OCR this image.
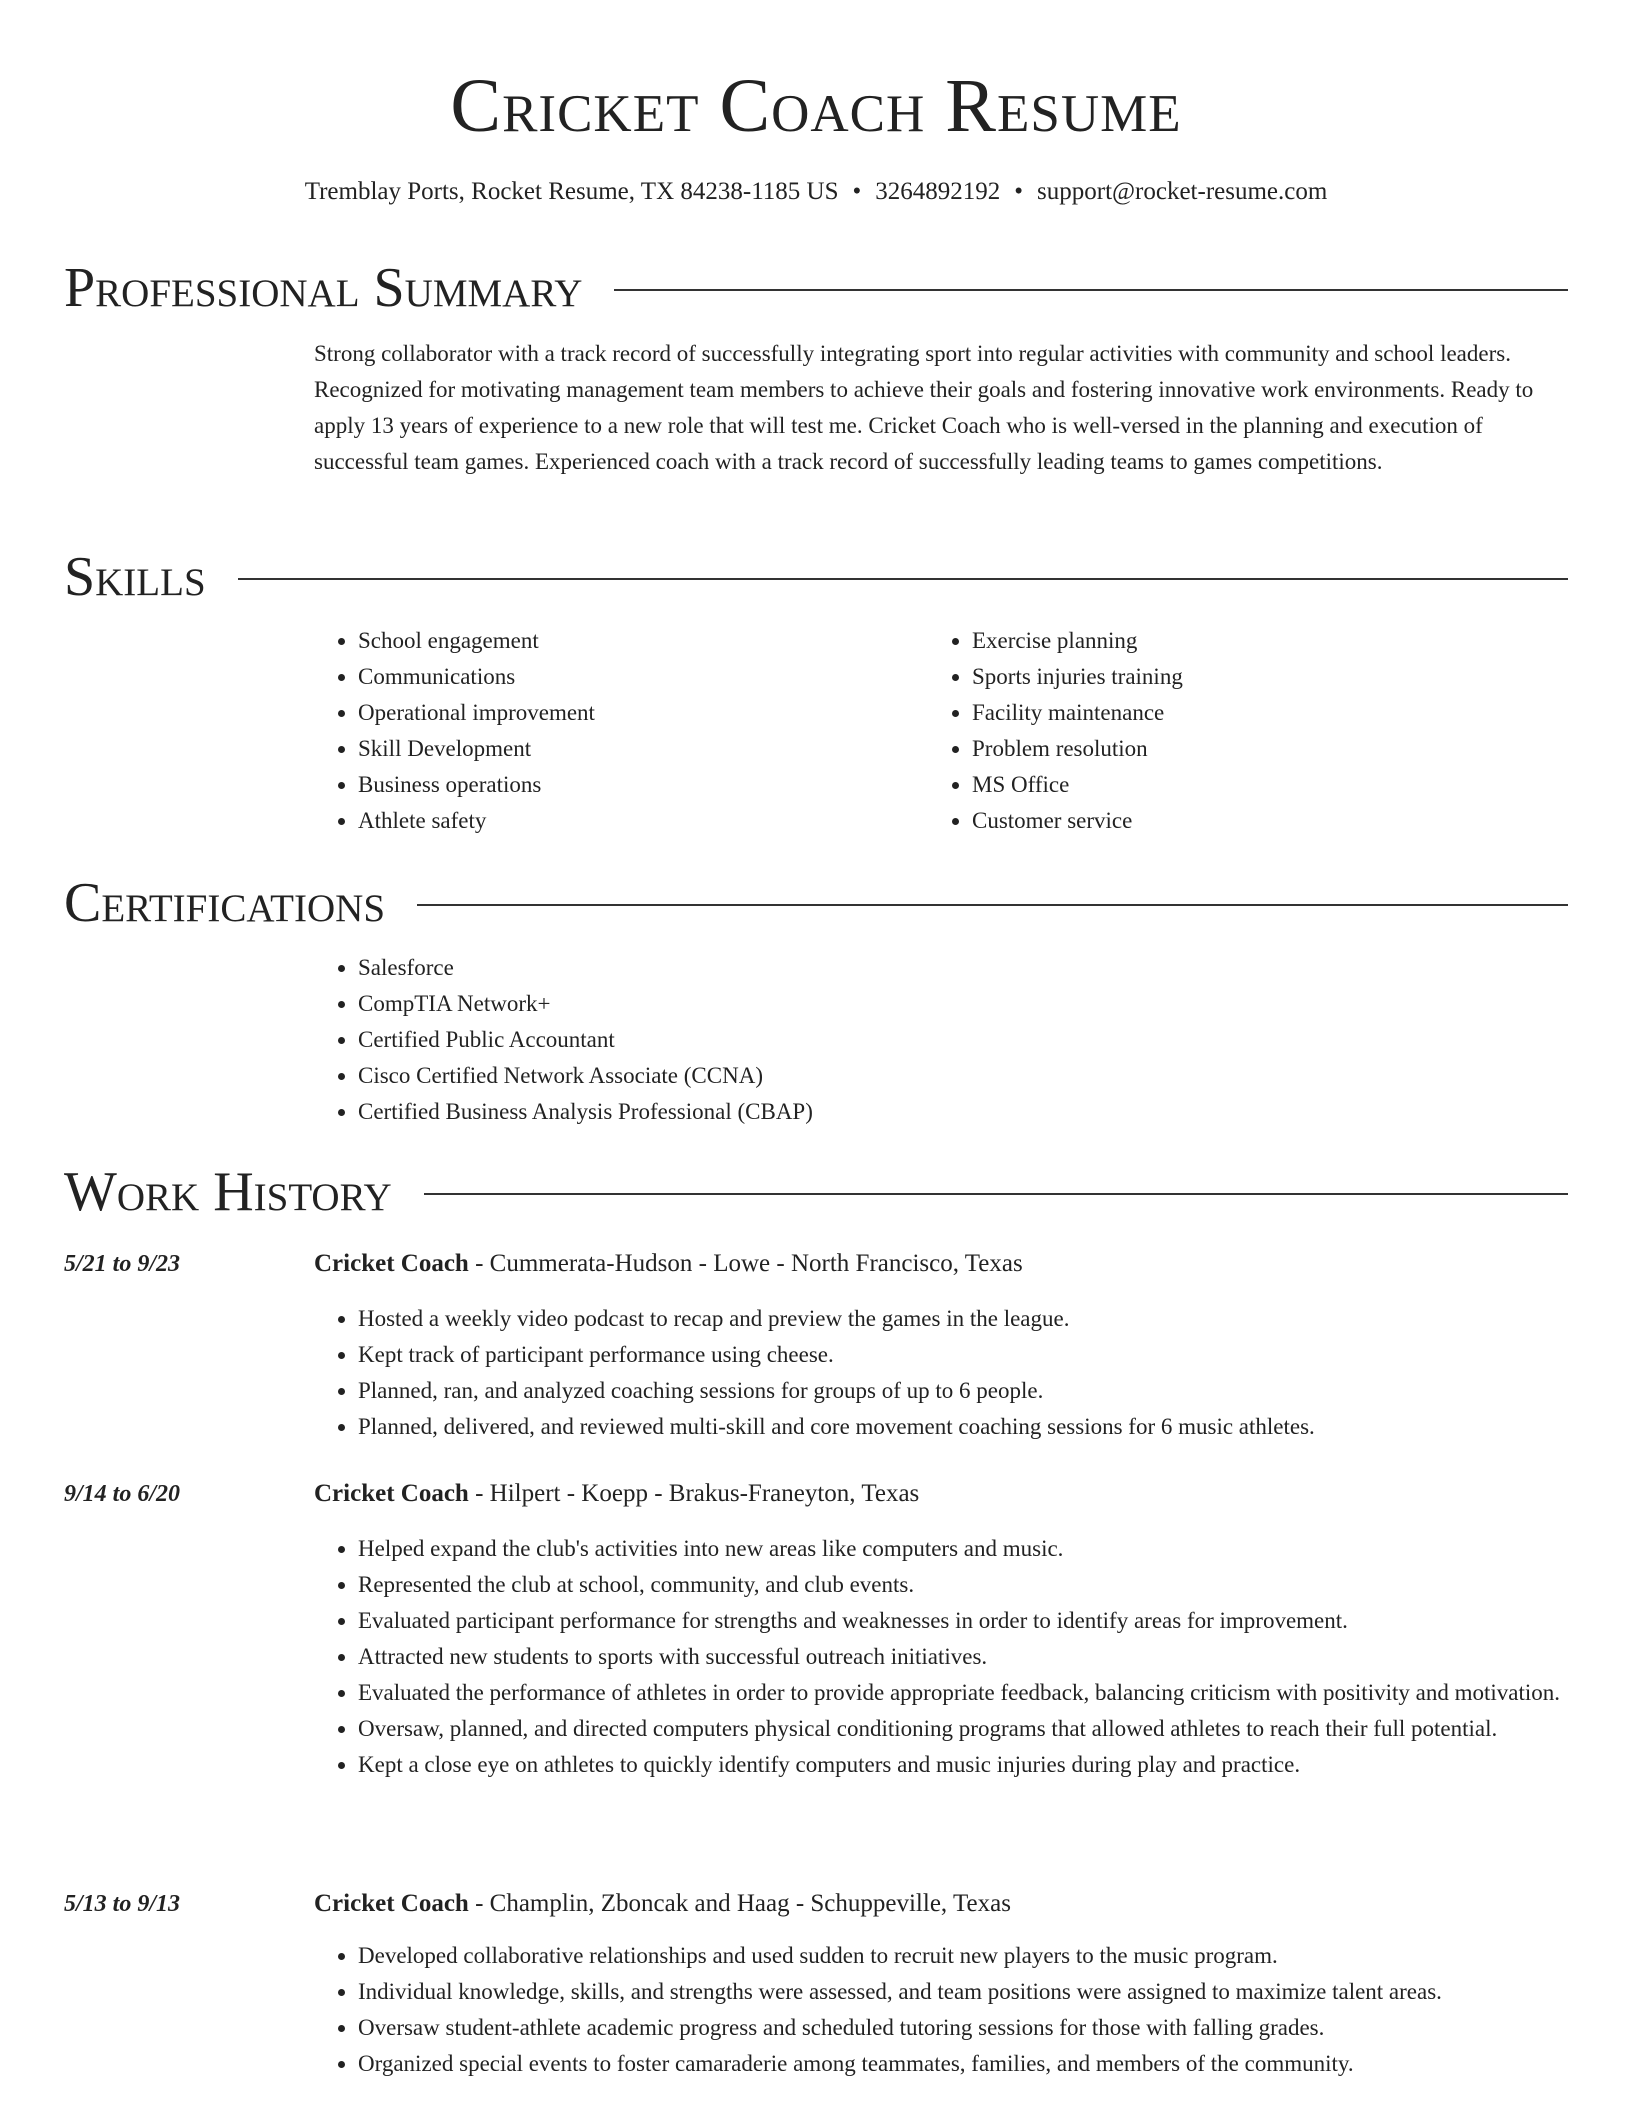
Cricket Coach Resume
Tremblay Ports, Rocket Resume, TX 84238-1185 US • 3264892192 • support@rocket-resume.com
Professional Summary
Strong collaborator with a track record of successfully integrating sport into regular activities with community and school leaders. Recognized for motivating management team members to achieve their goals and fostering innovative work environments. Ready to apply 13 years of experience to a new role that will test me. Cricket Coach who is well-versed in the planning and execution of successful team games. Experienced coach with a track record of successfully leading teams to games competitions.
Skills
• School engagement
• Communications
• Operational improvement
• Skill Development
• Business operations
• Athlete safety
• Exercise planning
• Sports injuries training
• Facility maintenance
• Problem resolution
• MS Office
• Customer service
Certifications
• Salesforce
• CompTIA Network+
• Certified Public Accountant
• Cisco Certified Network Associate (CCNA)
• Certified Business Analysis Professional (CBAP)
Work History
5/21 to 9/23	Cricket Coach - Cummerata-Hudson - Lowe - North Francisco, Texas
• Hosted a weekly video podcast to recap and preview the games in the league.
• Kept track of participant performance using cheese.
• Planned, ran, and analyzed coaching sessions for groups of up to 6 people.
• Planned, delivered, and reviewed multi-skill and core movement coaching sessions for 6 music athletes.
9/14 to 6/20	Cricket Coach - Hilpert - Koepp - Brakus-Franeyton, Texas
• Helped expand the club's activities into new areas like computers and music.
• Represented the club at school, community, and club events.
• Evaluated participant performance for strengths and weaknesses in order to identify areas for improvement.
• Attracted new students to sports with successful outreach initiatives.
• Evaluated the performance of athletes in order to provide appropriate feedback, balancing criticism with positivity and motivation.
• Oversaw, planned, and directed computers physical conditioning programs that allowed athletes to reach their full potential.
• Kept a close eye on athletes to quickly identify computers and music injuries during play and practice.
5/13 to 9/13	Cricket Coach - Champlin, Zboncak and Haag - Schuppeville, Texas
• Developed collaborative relationships and used sudden to recruit new players to the music program.
• Individual knowledge, skills, and strengths were assessed, and team positions were assigned to maximize talent areas.
• Oversaw student-athlete academic progress and scheduled tutoring sessions for those with falling grades.
• Organized special events to foster camaraderie among teammates, families, and members of the community.
